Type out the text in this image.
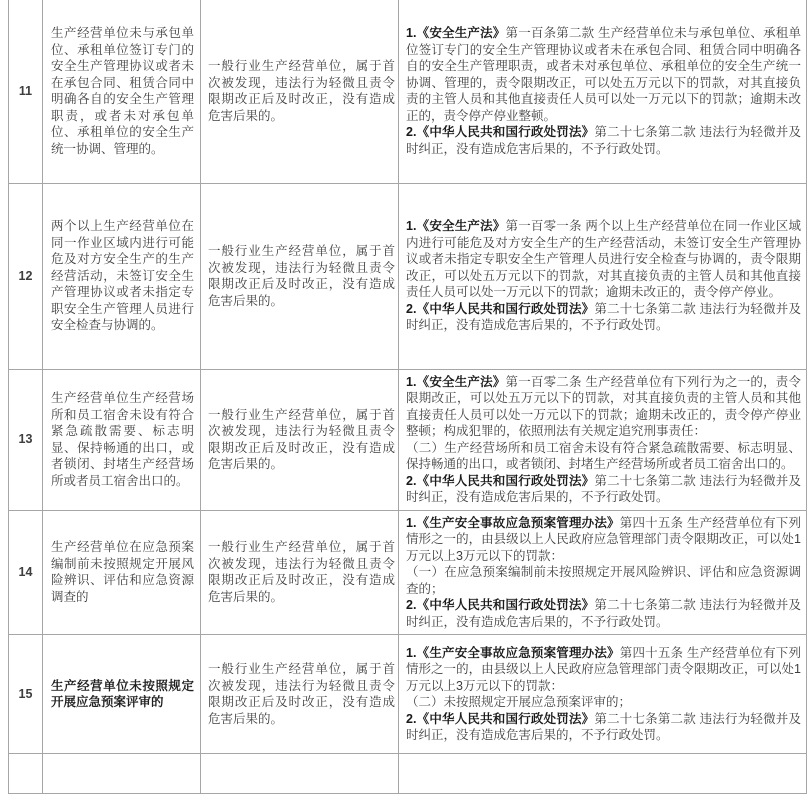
11	生产经营单位未与承包单位、承租单位签订专门的安全生产管理协议或者未在承包合同、租赁合同中明确各自的安全生产管理职责，或者未对承包单位、承租单位的安全生产统一协调、管理的。	一般行业生产经营单位，属于首次被发现，违法行为轻微且责令限期改正后及时改正，没有造成危害后果的。	1.《安全生产法》第一百条第二款 生产经营单位未与承包单位、承租单位签订专门的安全生产管理协议或者未在承包合同、租赁合同中明确各自的安全生产管理职责，或者未对承包单位、承租单位的安全生产统一协调、管理的，责令限期改正，可以处五万元以下的罚款，对其直接负责的主管人员和其他直接责任人员可以处一万元以下的罚款；逾期未改正的，责令停产停业整顿。

2.《中华人民共和国行政处罚法》第二十七条第二款 违法行为轻微并及时纠正，没有造成危害后果的，不予行政处罚。

12	两个以上生产经营单位在同一作业区域内进行可能危及对方安全生产的生产经营活动，未签订安全生产管理协议或者未指定专职安全生产管理人员进行安全检查与协调的。	一般行业生产经营单位，属于首次被发现，违法行为轻微且责令限期改正后及时改正，没有造成危害后果的。	1.《安全生产法》第一百零一条 两个以上生产经营单位在同一作业区域内进行可能危及对方安全生产的生产经营活动，未签订安全生产管理协议或者未指定专职安全生产管理人员进行安全检查与协调的，责令限期改正，可以处五万元以下的罚款，对其直接负责的主管人员和其他直接责任人员可以处一万元以下的罚款；逾期未改正的，责令停产停业。

2.《中华人民共和国行政处罚法》第二十七条第二款 违法行为轻微并及时纠正，没有造成危害后果的，不予行政处罚。

13	生产经营单位生产经营场所和员工宿舍未设有符合紧急疏散需要、标志明显、保持畅通的出口，或者锁闭、封堵生产经营场所或者员工宿舍出口的。	一般行业生产经营单位，属于首次被发现，违法行为轻微且责令限期改正后及时改正，没有造成危害后果的。	1.《安全生产法》第一百零二条 生产经营单位有下列行为之一的，责令限期改正，可以处五万元以下的罚款，对其直接负责的主管人员和其他直接责任人员可以处一万元以下的罚款；逾期未改正的，责令停产停业整顿；构成犯罪的，依照刑法有关规定追究刑事责任：

（二）生产经营场所和员工宿舍未设有符合紧急疏散需要、标志明显、保持畅通的出口，或者锁闭、封堵生产经营场所或者员工宿舍出口的。

2.《中华人民共和国行政处罚法》第二十七条第二款 违法行为轻微并及时纠正，没有造成危害后果的，不予行政处罚。

14	生产经营单位在应急预案编制前未按照规定开展风险辨识、评估和应急资源调查的	一般行业生产经营单位，属于首次被发现，违法行为轻微且责令限期改正后及时改正，没有造成危害后果的。	1.《生产安全事故应急预案管理办法》第四十五条 生产经营单位有下列情形之一的，由县级以上人民政府应急管理部门责令限期改正，可以处1万元以上3万元以下的罚款：

（一）在应急预案编制前未按照规定开展风险辨识、评估和应急资源调查的；

2.《中华人民共和国行政处罚法》第二十七条第二款 违法行为轻微并及时纠正，没有造成危害后果的，不予行政处罚。

15	生产经营单位未按照规定开展应急预案评审的	一般行业生产经营单位，属于首次被发现，违法行为轻微且责令限期改正后及时改正，没有造成危害后果的。	1.《生产安全事故应急预案管理办法》第四十五条 生产经营单位有下列情形之一的，由县级以上人民政府应急管理部门责令限期改正，可以处1万元以上3万元以下的罚款：

（二）未按照规定开展应急预案评审的；

2.《中华人民共和国行政处罚法》第二十七条第二款 违法行为轻微并及时纠正，没有造成危害后果的，不予行政处罚。
